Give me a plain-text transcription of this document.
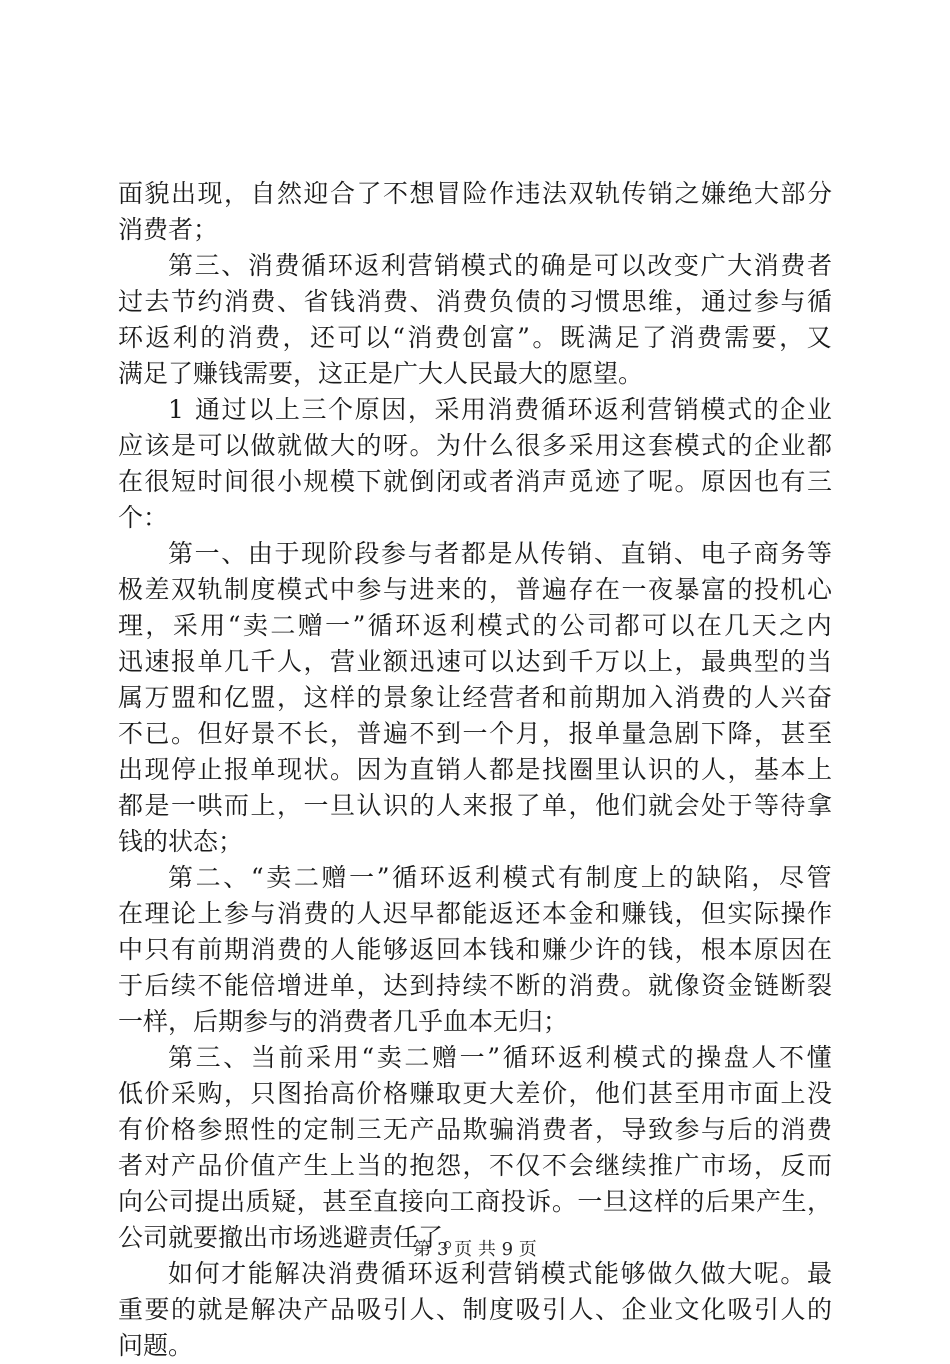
面貌出现，自然迎合了不想冒险作违法双轨传销之嫌绝大部分
消费者；
第三、消费循环返利营销模式的确是可以改变广大消费者
过去节约消费、省钱消费、消费负债的习惯思维，通过参与循
环返利的消费，还可以“消费创富”。既满足了消费需要，又
满足了赚钱需要，这正是广大人民最大的愿望。
1 通过以上三个原因，采用消费循环返利营销模式的企业
应该是可以做就做大的呀。为什么很多采用这套模式的企业都
在很短时间很小规模下就倒闭或者消声觅迹了呢。原因也有三
个：
第一、由于现阶段参与者都是从传销、直销、电子商务等
极差双轨制度模式中参与进来的，普遍存在一夜暴富的投机心
理，采用“卖二赠一”循环返利模式的公司都可以在几天之内
迅速报单几千人，营业额迅速可以达到千万以上，最典型的当
属万盟和亿盟，这样的景象让经营者和前期加入消费的人兴奋
不已。但好景不长，普遍不到一个月，报单量急剧下降，甚至
出现停止报单现状。因为直销人都是找圈里认识的人，基本上
都是一哄而上，一旦认识的人来报了单，他们就会处于等待拿
钱的状态；
第二、“卖二赠一”循环返利模式有制度上的缺陷，尽管
在理论上参与消费的人迟早都能返还本金和赚钱，但实际操作
中只有前期消费的人能够返回本钱和赚少许的钱，根本原因在
于后续不能倍增进单，达到持续不断的消费。就像资金链断裂
一样，后期参与的消费者几乎血本无归；
第三、当前采用“卖二赠一”循环返利模式的操盘人不懂
低价采购，只图抬高价格赚取更大差价，他们甚至用市面上没
有价格参照性的定制三无产品欺骗消费者，导致参与后的消费
者对产品价值产生上当的抱怨，不仅不会继续推广市场，反而
向公司提出质疑，甚至直接向工商投诉。一旦这样的后果产生，
公司就要撤出市场逃避责任了。
如何才能解决消费循环返利营销模式能够做久做大呢。最
重要的就是解决产品吸引人、制度吸引人、企业文化吸引人的
问题。
第 3 页 共 9 页
